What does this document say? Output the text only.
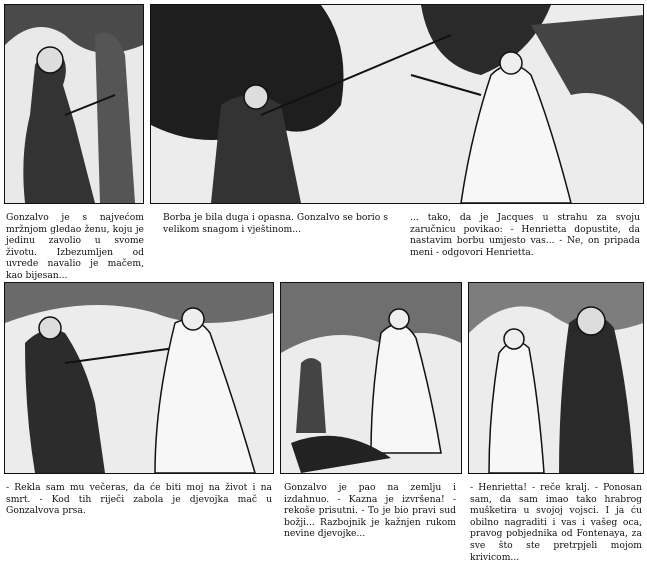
Gonzalvo je s najvećom mržnjom gledao ženu, koju je jedinu zavolio u svome životu. Izbezumljen od uvrede navalio je mačem, kao bijesan...
Borba je bila duga i opasna. Gonzalvo se borio s velikom snagom i vještinom...
... tako, da je Jacques u strahu za svoju zaručnicu povikao: - Henrietta dopustite, da nastavim borbu umjesto vas... - Ne, on pripada meni - odgovori Henrietta.
- Rekla sam mu večeras, da će biti moj na život i na smrt. - Kod tih riječi zabola je djevojka mač u Gonzalvova prsa.
Gonzalvo je pao na zemlju i izdahnuo. - Kazna je izvršena! - rekoše prisutni. - To je bio pravi sud božji... Razbojnik je kažnjen rukom nevine djevojke...
- Henrietta! - reče kralj. - Ponosan sam, da sam imao tako hrabrog mušketira u svojoj vojsci. I ja ću obilno nagraditi i vas i vašeg oca, pravog pobjednika od Fontenaya, za sve što ste pretrpjeli mojom krivicom...
